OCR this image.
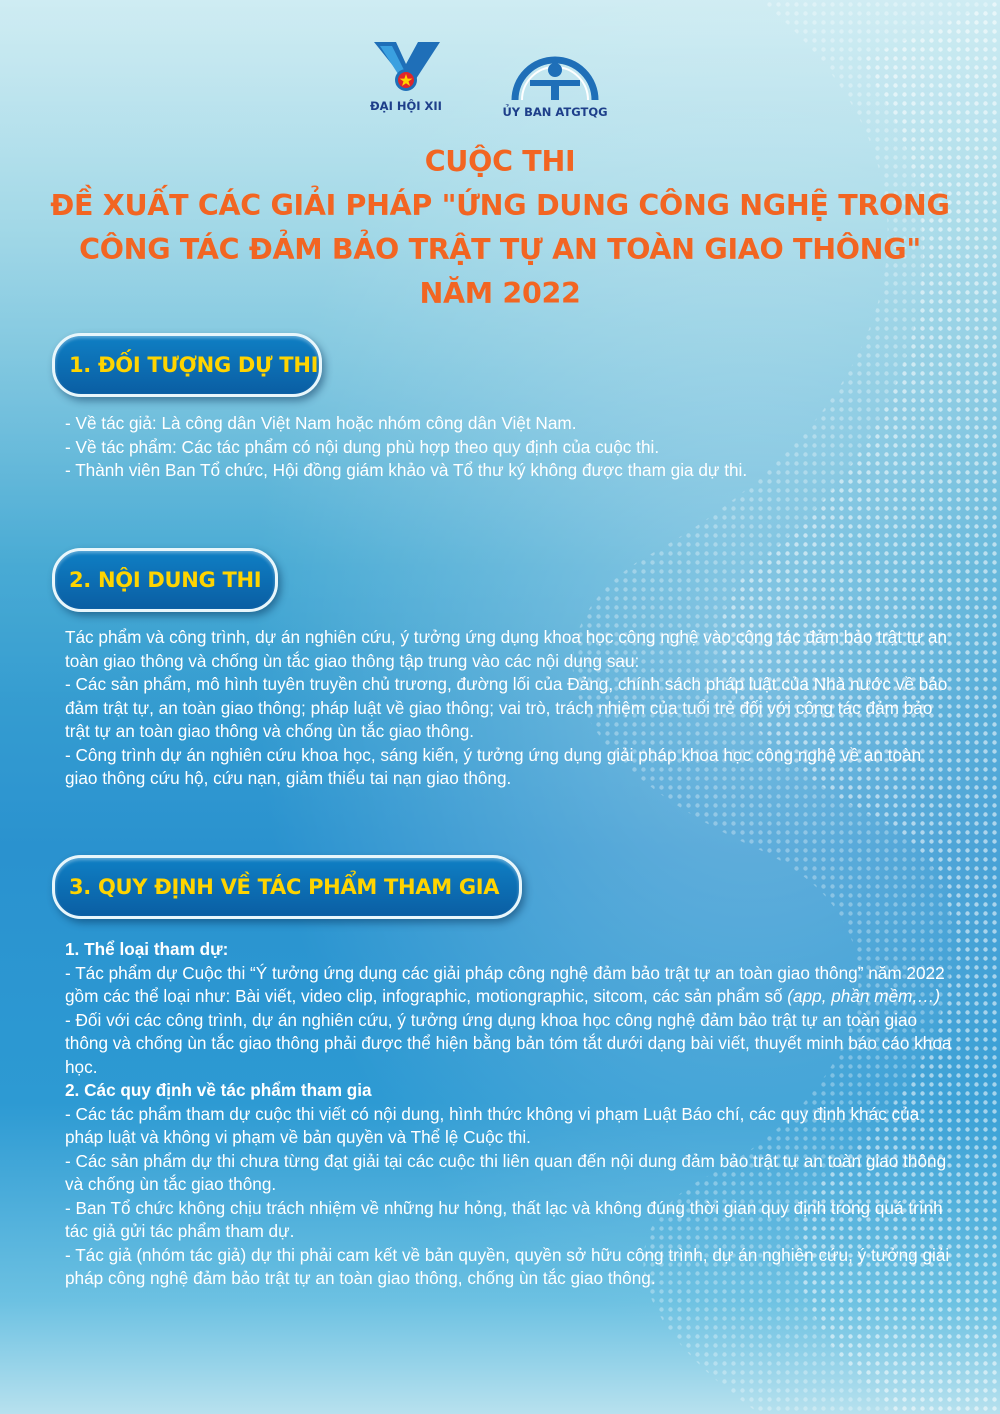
ĐẠI HỘI XII	ỦY BAN ATGTQG
CUỘC THI
ĐỀ XUẤT CÁC GIẢI PHÁP "ỨNG DUNG CÔNG NGHỆ TRONG
CÔNG TÁC ĐẢM BẢO TRẬT TỰ AN TOÀN GIAO THÔNG"
NĂM 2022
1. ĐỐI TƯỢNG DỰ THI

- Về tác giả: Là công dân Việt Nam hoặc nhóm công dân Việt Nam.

- Về tác phẩm: Các tác phẩm có nội dung phù hợp theo quy định của cuộc thi.

- Thành viên Ban Tổ chức, Hội đồng giám khảo và Tổ thư ký không được tham gia dự thi.

2. NỘI DUNG THI

Tác phẩm và công trình, dự án nghiên cứu, ý tưởng ứng dụng khoa học công nghệ vào công tác đảm bảo trật tự an toàn giao thông và chống ùn tắc giao thông tập trung vào các nội dung sau:

- Các sản phẩm, mô hình tuyên truyền chủ trương, đường lối của Đảng, chính sách pháp luật của Nhà nước về bảo đảm trật tự, an toàn giao thông; pháp luật về giao thông; vai trò, trách nhiệm của tuổi trẻ đối với công tác đảm bảo trật tự an toàn giao thông và chống ùn tắc giao thông.

- Công trình dự án nghiên cứu khoa học, sáng kiến, ý tưởng ứng dụng giải pháp khoa học công nghệ về an toàn giao thông cứu hộ, cứu nạn, giảm thiểu tai nạn giao thông.

3. QUY ĐỊNH VỀ TÁC PHẨM THAM GIA

1. Thể loại tham dự:

- Tác phẩm dự Cuộc thi “Ý tưởng ứng dụng các giải pháp công nghệ đảm bảo trật tự an toàn giao thông” năm 2022 gồm các thể loại như: Bài viết, video clip, infographic, motiongraphic, sitcom, các sản phẩm số (app, phần mềm,…)

- Đối với các công trình, dự án nghiên cứu, ý tưởng ứng dụng khoa học công nghệ đảm bảo trật tự an toàn giao thông và chống ùn tắc giao thông phải được thể hiện bằng bản tóm tắt dưới dạng bài viết, thuyết minh báo cáo khoa học.

2. Các quy định về tác phẩm tham gia

- Các tác phẩm tham dự cuộc thi viết có nội dung, hình thức không vi phạm Luật Báo chí, các quy định khác của pháp luật và không vi phạm về bản quyền và Thể lệ Cuộc thi.

- Các sản phẩm dự thi chưa từng đạt giải tại các cuộc thi liên quan đến nội dung đảm bảo trật tự an toàn giao thông và chống ùn tắc giao thông.

- Ban Tổ chức không chịu trách nhiệm về những hư hỏng, thất lạc và không đúng thời gian quy định trong quá trình tác giả gửi tác phẩm tham dự.

- Tác giả (nhóm tác giả) dự thi phải cam kết về bản quyền, quyền sở hữu công trình, dự án nghiên cứu, ý tưởng giải pháp công nghệ đảm bảo trật tự an toàn giao thông, chống ùn tắc giao thông.
